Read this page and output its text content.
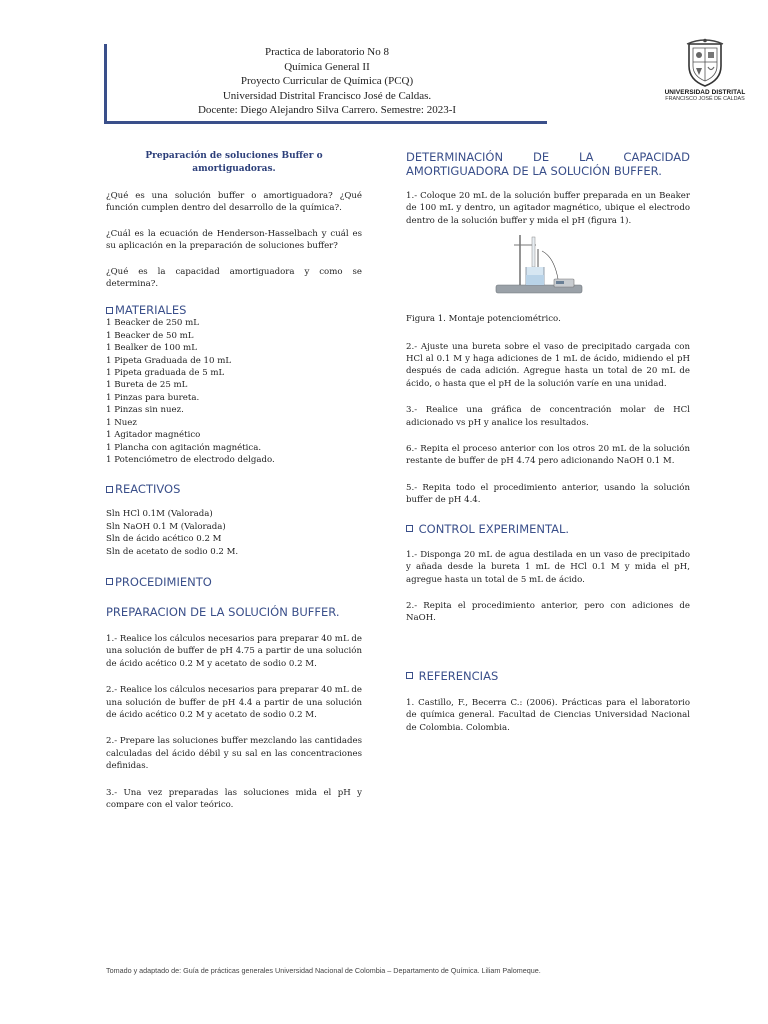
Practica de laboratorio No 8
Química General II
Proyecto Curricular de Química (PCQ)
Universidad Distrital Francisco José de Caldas.
Docente: Diego Alejandro Silva Carrero. Semestre: 2023-I
UNIVERSIDAD DISTRITAL
FRANCISCO JOSÉ DE CALDAS

Preparación de soluciones Buffer o amortiguadoras.

¿Qué es una solución buffer o amortiguadora? ¿Qué función cumplen dentro del desarrollo de la química?.

¿Cuál es la ecuación de Henderson-Hasselbach y cuál es su aplicación en la preparación de soluciones buffer?

¿Qué es la capacidad amortiguadora y como se determina?.

MATERIALES
1 Beacker de 250 mL
1 Beacker de 50 mL
1 Bealker de 100 mL
1 Pipeta Graduada de 10 mL
1 Pipeta graduada de 5 mL
1 Bureta de 25 mL
1 Pinzas para bureta.
1 Pinzas sin nuez.
1 Nuez
1 Agitador magnético
1 Plancha con agitación magnética.
1 Potenciómetro de electrodo delgado.
REACTIVOS
Sln HCl 0.1M (Valorada)
Sln NaOH 0.1 M (Valorada)
Sln de ácido acético 0.2 M
Sln de acetato de sodio 0.2 M.
PROCEDIMIENTO

PREPARACION DE LA SOLUCIÓN BUFFER.

1.- Realice los cálculos necesarios para preparar 40 mL de una solución de buffer de pH 4.75 a partir de una solución de ácido acético 0.2 M y acetato de sodio 0.2 M.

2.- Realice los cálculos necesarios para preparar 40 mL de una solución de buffer de pH 4.4 a partir de una solución de ácido acético 0.2 M y acetato de sodio 0.2 M.

2.- Prepare las soluciones buffer mezclando las cantidades calculadas del ácido débil y su sal en las concentraciones definidas.

3.- Una vez preparadas las soluciones mida el pH y compare con el valor teórico.

DETERMINACIÓN DE LA CAPACIDAD AMORTIGUADORA DE LA SOLUCIÓN BUFFER.

1.- Coloque 20 mL de la solución buffer preparada en un Beaker de 100 mL y dentro, un agitador magnético, ubique el electrodo dentro de la solución buffer y mida el pH (figura 1).

Figura 1. Montaje potenciométrico.

2.- Ajuste una bureta sobre el vaso de precipitado cargada con HCl al 0.1 M y haga adiciones de 1 mL de ácido, midiendo el pH después de cada adición. Agregue hasta un total de 20 mL de ácido, o hasta que el pH de la solución varíe en una unidad.

3.- Realice una gráfica de concentración molar de HCl adicionado vs pH y analice los resultados.

6.- Repita el proceso anterior con los otros 20 mL de la solución restante de buffer de pH 4.74 pero adicionando NaOH 0.1 M.

5.- Repita todo el procedimiento anterior, usando la solución buffer de pH 4.4.

CONTROL EXPERIMENTAL.

1.- Disponga 20 mL de agua destilada en un vaso de precipitado y añada desde la bureta 1 mL de HCl 0.1 M y mida el pH, agregue hasta un total de 5 mL de ácido.

2.- Repita el procedimiento anterior, pero con adiciones de NaOH.

REFERENCIAS

1. Castillo, F., Becerra C.: (2006). Prácticas para el laboratorio de química general. Facultad de Ciencias Universidad Nacional de Colombia. Colombia.

Tomado y adaptado de: Guía de prácticas generales Universidad Nacional de Colombia – Departamento de Química. Liliam Palomeque.
